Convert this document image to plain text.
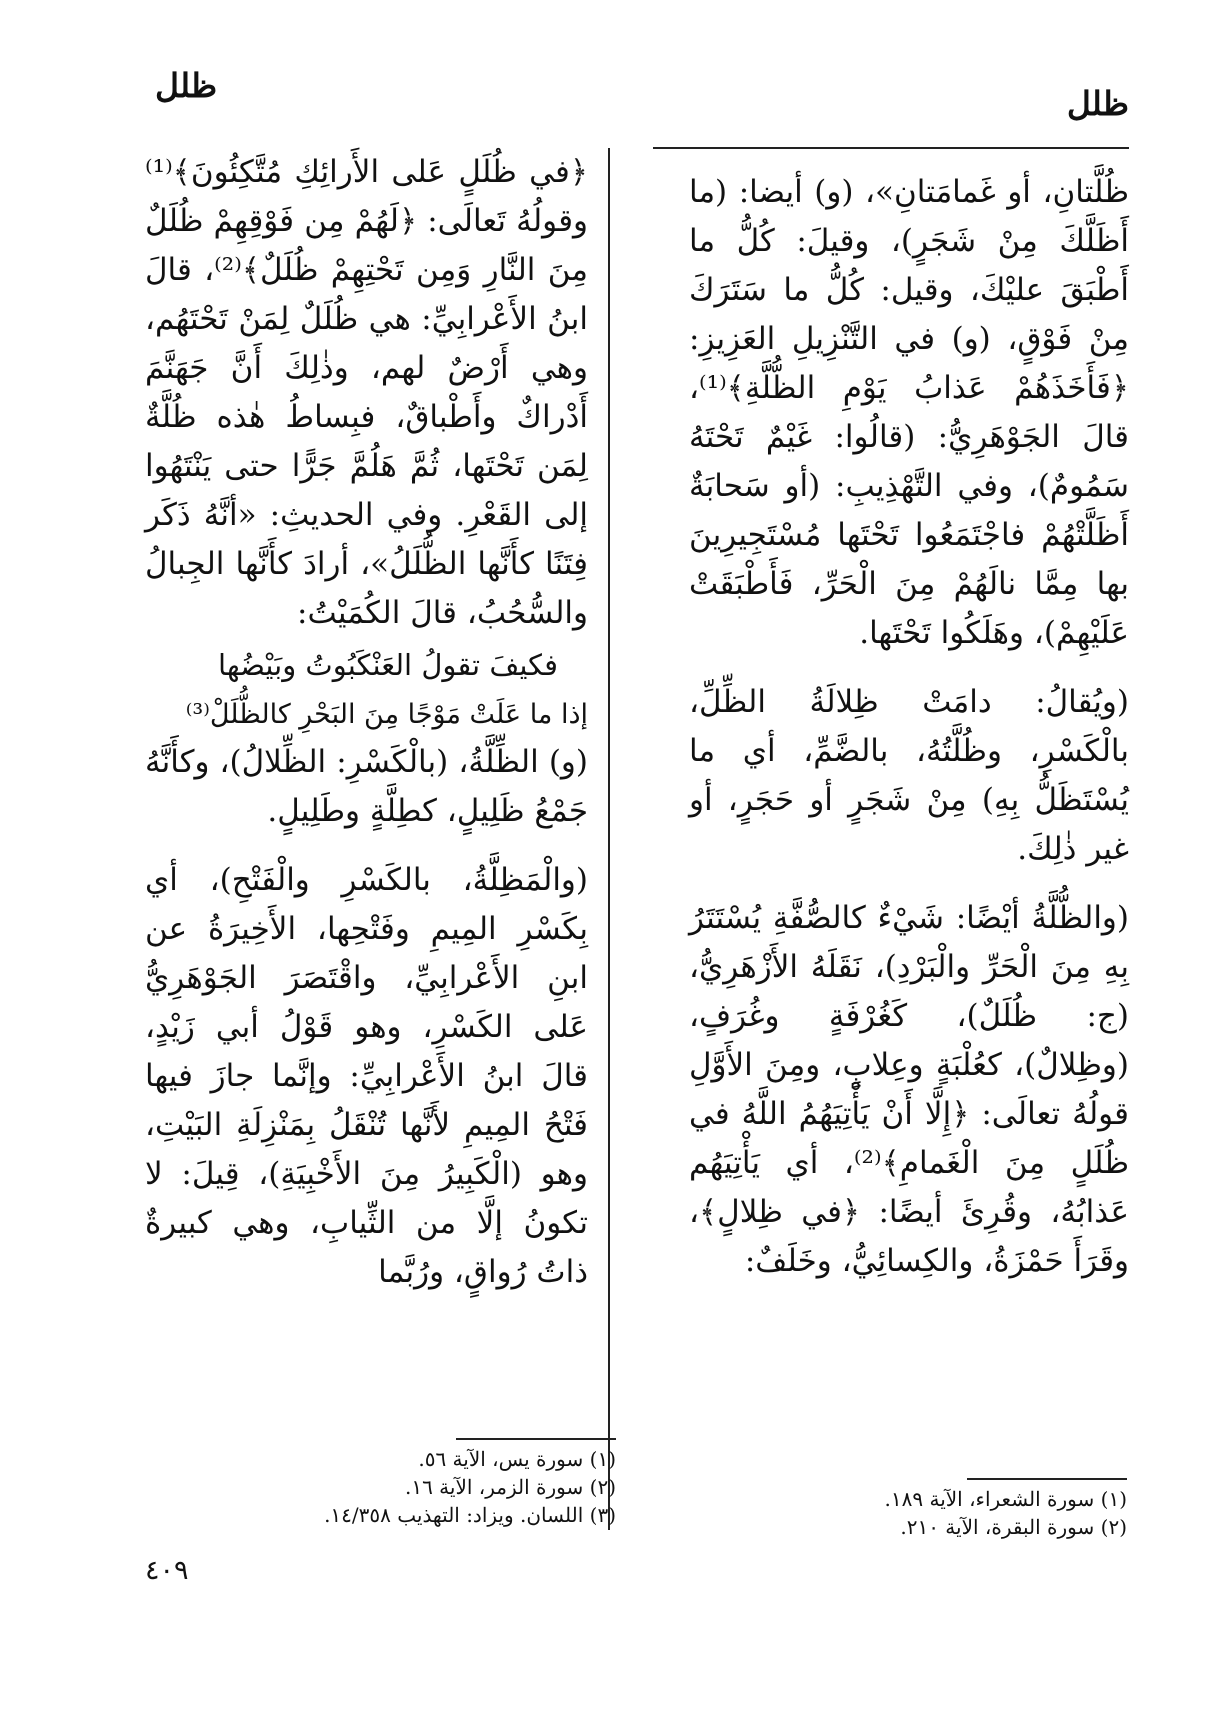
ظلل
ظلل

ظُلَّتانِ، أو غَمامَتانِ»، (و) أيضا: (ما أَظَلَّكَ مِنْ شَجَرٍ)، وقيلَ: كُلُّ ما أَطْبَقَ عليْكَ، وقيل: كُلُّ ما سَتَرَكَ مِنْ فَوْقٍ، (و) في التَّنْزِيلِ العَزِيزِ: ﴿فَأَخَذَهُمْ عَذابُ يَوْمِ الظُّلَّةِ﴾⁽¹⁾، قالَ الجَوْهَرِيُّ: (قالُوا: غَيْمٌ تَحْتَهُ سَمُومٌ)، وفي التَّهْذِيبِ: (أو سَحابَةٌ أَظَلَّتْهُمْ فاجْتَمَعُوا تَحْتَها مُسْتَجِيرِينَ بها مِمَّا نالَهُمْ مِنَ الْحَرِّ، فَأَطْبَقَتْ عَلَيْهِمْ)، وهَلَكُوا تَحْتَها.

(ويُقالُ: دامَتْ ظِلالَةُ الظِّلِّ، بالْكَسْرِ، وظُلَّتُهُ، بالضَّمِّ، أي ما يُسْتَظَلُّ بِهِ) مِنْ شَجَرٍ أو حَجَرٍ، أو غير ذٰلِكَ.

(والظُّلَّةُ أيْضًا: شَيْءٌ كالصُّفَّةِ يُسْتَتَرُ بِهِ مِنَ الْحَرِّ والْبَرْدِ)، نَقَلَهُ الأَزْهَرِيُّ، (ج: ظُلَلٌ)، كَغُرْفَةٍ وغُرَفٍ، (وظِلالٌ)، كعُلْبَةٍ وعِلابٍ، ومِنَ الأَوَّلِ قولُهُ تعالَى: ﴿إِلَّا أَنْ يَأْتِيَهُمُ اللَّهُ في ظُلَلٍ مِنَ الْغَمامِ﴾⁽²⁾، أي يَأْتِيَهُم عَذابُهُ، وقُرِئَ أيضًا: ﴿في ظِلالٍ﴾، وقَرَأَ حَمْزَةُ، والكِسائِيُّ، وخَلَفٌ:

﴿في ظُلَلٍ عَلى الأَرائِكِ مُتَّكِئُونَ﴾⁽¹⁾ وقولُهُ تَعالَى: ﴿لَهُمْ مِن فَوْقِهِمْ ظُلَلٌ مِنَ النَّارِ وَمِن تَحْتِهِمْ ظُلَلٌ﴾⁽²⁾، قالَ ابنُ الأَعْرابِيِّ: هي ظُلَلٌ لِمَنْ تَحْتَهُم، وهي أَرْضٌ لهم، وذٰلِكَ أَنَّ جَهَنَّمَ أَدْراكٌ وأَطْباقٌ، فبِساطُ هٰذه ظُلَّةٌ لِمَن تَحْتَها، ثُمَّ هَلُمَّ جَرًّا حتى يَنْتَهُوا إلى القَعْرِ. وفي الحديثِ: «أنَّهُ ذَكَر فِتَنًا كأَنَّها الظُّلَلُ»، أرادَ كأَنَّها الجِبالُ والسُّحُبُ، قالَ الكُمَيْتُ:

فكيفَ تقولُ العَنْكَبُوتُ وبَيْضُها

إذا ما عَلَتْ مَوْجًا مِنَ البَحْرِ كالظُّلَلْ⁽³⁾

(و) الظِّلَّةُ، (بالْكَسْرِ: الظِّلالُ)، وكأَنَّهُ جَمْعُ ظَلِيلٍ، كطِلَّةٍ وطَلِيلٍ.

(والْمَظِلَّةُ، بالكَسْرِ والْفَتْحِ)، أي بِكَسْرِ المِيمِ وفَتْحِها، الأَخِيرَةُ عن ابنِ الأَعْرابِيِّ، واقْتَصَرَ الجَوْهَرِيُّ عَلى الكَسْرِ، وهو قَوْلُ أبي زَيْدٍ، قالَ ابنُ الأَعْرابِيِّ: وإنَّما جازَ فيها فَتْحُ المِيمِ لأَنَّها تُنْقَلُ بِمَنْزِلَةِ البَيْتِ، وهو (الْكَبِيرُ مِنَ الأَخْبِيَةِ)، قِيلَ: لا تكونُ إلَّا من الثِّيابِ، وهي كبيرةٌ ذاتُ رُواقٍ، ورُبَّما

(١) سورة الشعراء، الآية ١٨٩.

(٢) سورة البقرة، الآية ٢١٠.

(١) سورة يس، الآية ٥٦.

(٢) سورة الزمر، الآية ١٦.

(٣) اللسان. ويزاد: التهذيب ١٤/٣٥٨.

٤٠٩
